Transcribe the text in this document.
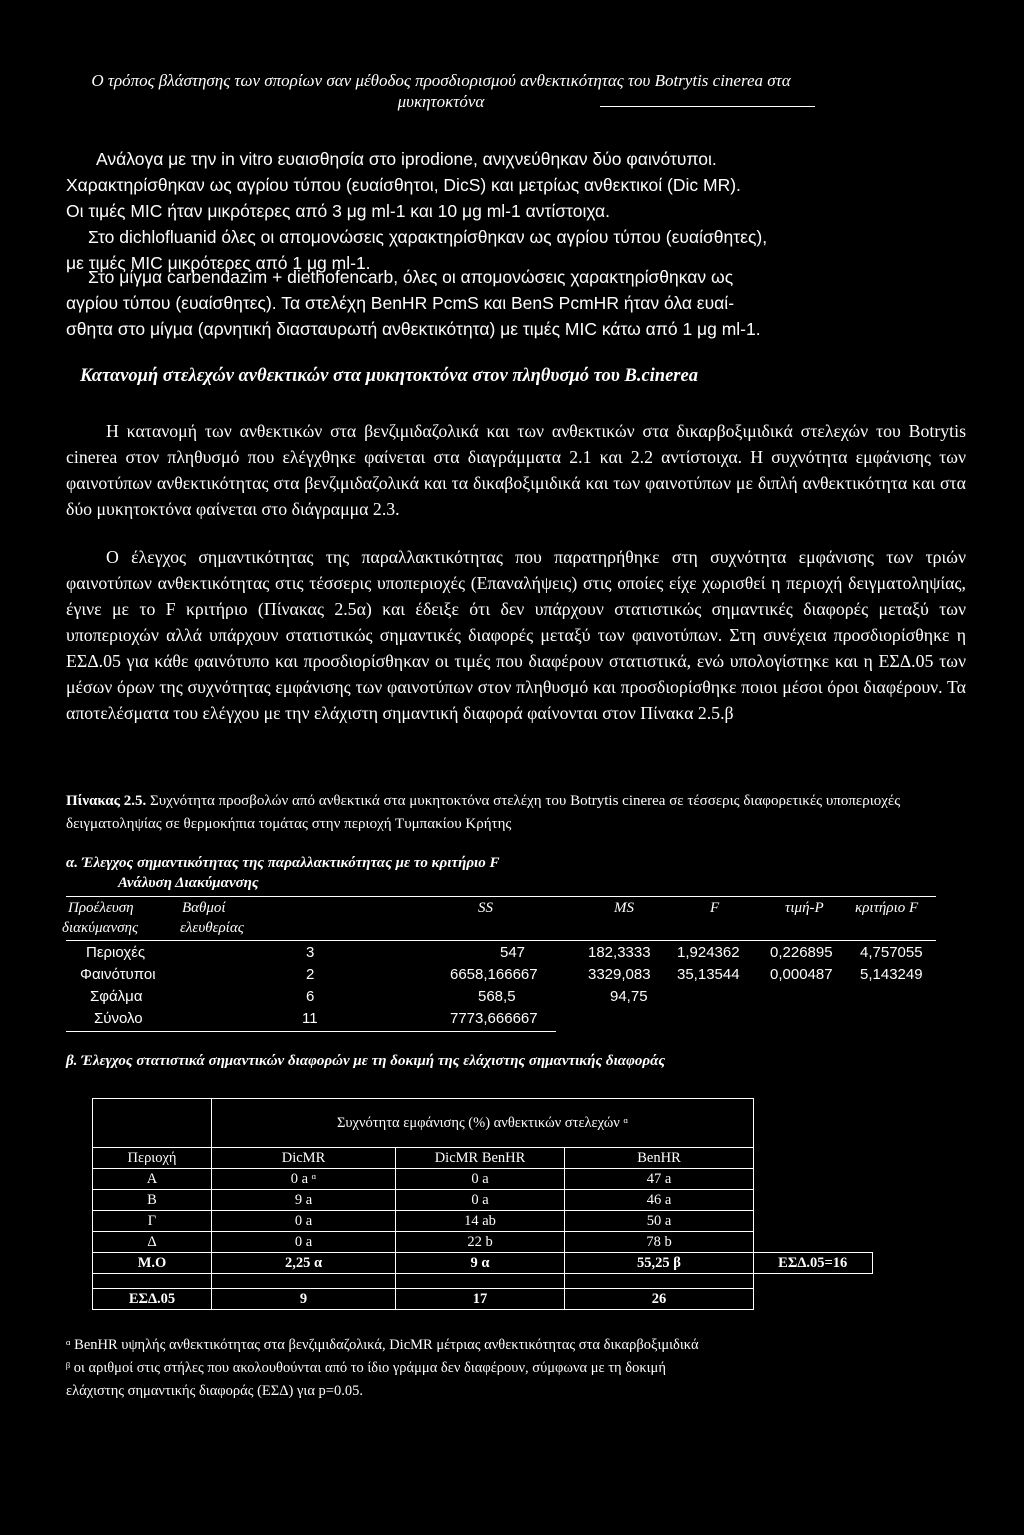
Ο τρόπος βλάστησης των σπορίων σαν μέθοδος προσδιορισμού ανθεκτικότητας του Botrytis cinerea στα
μυκητοκτόνα
Ανάλογα με την in vitro ευαισθησία στο iprodione, ανιχνεύθηκαν δύο φαινότυποι.
Χαρακτηρίσθηκαν ως αγρίου τύπου (ευαίσθητοι, DicS) και μετρίως ανθεκτικοί (Dic MR).
Οι τιμές MIC ήταν μικρότερες από 3 μg ml-1 και 10 μg ml-1 αντίστοιχα.
Στο dichlofluanid όλες οι απομονώσεις χαρακτηρίσθηκαν ως αγρίου τύπου (ευαίσθητες),
με τιμές MIC μικρότερες από 1 μg ml-1.
Στο μίγμα carbendazim + diethofencarb, όλες οι απομονώσεις χαρακτηρίσθηκαν ως
αγρίου τύπου (ευαίσθητες). Τα στελέχη BenHR PcmS και BenS PcmHR ήταν όλα ευαί-
σθητα στο μίγμα (αρνητική διασταυρωτή ανθεκτικότητα) με τιμές MIC κάτω από 1 μg ml-1.
Κατανομή στελεχών ανθεκτικών στα μυκητοκτόνα στον πληθυσμό του B.cinerea
Η κατανομή των ανθεκτικών στα βενζιμιδαζολικά και των ανθεκτικών στα δικαρβοξιμιδικά στελεχών του Botrytis cinerea στον πληθυσμό που ελέγχθηκε φαίνεται στα διαγράμματα 2.1 και 2.2 αντίστοιχα. Η συχνότητα εμφάνισης των φαινοτύπων ανθεκτικότητας στα βενζιμιδαζολικά και τα δικαβοξιμιδικά και των φαινοτύπων με διπλή ανθεκτικότητα και στα δύο μυκητοκτόνα φαίνεται στο διάγραμμα 2.3.
Ο έλεγχος σημαντικότητας της παραλλακτικότητας που παρατηρήθηκε στη συχνότητα εμφάνισης των τριών φαινοτύπων ανθεκτικότητας στις τέσσερις υποπεριοχές (Επαναλήψεις) στις οποίες είχε χωρισθεί η περιοχή δειγματοληψίας, έγινε με το F κριτήριο (Πίνακας 2.5α) και έδειξε ότι δεν υπάρχουν στατιστικώς σημαντικές διαφορές μεταξύ των υποπεριοχών αλλά υπάρχουν στατιστικώς σημαντικές διαφορές μεταξύ των φαινοτύπων. Στη συνέχεια προσδιορίσθηκε η ΕΣΔ.05 για κάθε φαινότυπο και προσδιορίσθηκαν οι τιμές που διαφέρουν στατιστικά, ενώ υπολογίστηκε και η ΕΣΔ.05 των μέσων όρων της συχνότητας εμφάνισης των φαινοτύπων στον πληθυσμό και προσδιορίσθηκε ποιοι μέσοι όροι διαφέρουν. Τα αποτελέσματα του ελέγχου με την ελάχιστη σημαντική διαφορά φαίνονται στον Πίνακα 2.5.β
Πίνακας 2.5. Συχνότητα προσβολών από ανθεκτικά στα μυκητοκτόνα στελέχη του Botrytis cinerea σε τέσσερις διαφορετικές υποπεριοχές δειγματοληψίας σε θερμοκήπια τομάτας στην περιοχή Τυμπακίου Κρήτης
α. Έλεγχος σημαντικότητας της παραλλακτικότητας με το κριτήριο F
Ανάλυση Διακύμανσης
Προέλευση	Βαθμοί	SS	MS	F	τιμή-P κριτήριο F
διακύμανσης	ελευθερίας
Περιοχές	3	547	182,3333 1,924362 0,226895 4,757055
Φαινότυποι	2	6658,166667	3329,083 35,13544 0,000487 5,143249
Σφάλμα	6	568,5	94,75
Σύνολο	11	7773,666667
β. Έλεγχος στατιστικά σημαντικών διαφορών με τη δοκιμή της ελάχιστης σημαντικής διαφοράς
	Συχνότητα εμφάνισης (%) ανθεκτικών στελεχών ᵅ			
Περιοχή	DicMR	DicMR BenHR	BenHR	
Α	0 a ᵅ	0 a	47 a	
Β	9 a	0 a	46 a	
Γ	0 a	14 ab	50 a	
Δ	0 a	22 b	78 b	
Μ.Ο	2,25 α	9 α	55,25 β	ΕΣΔ.05=16

ΕΣΔ.05	9	17	26	
ᵅ BenHR υψηλής ανθεκτικότητας στα βενζιμιδαζολικά, DicMR μέτριας ανθεκτικότητας στα δικαρβοξιμιδικά
ᵝ οι αριθμοί στις στήλες που ακολουθούνται από το ίδιο γράμμα δεν διαφέρουν, σύμφωνα με τη δοκιμή
ελάχιστης σημαντικής διαφοράς (ΕΣΔ) για p=0.05.
